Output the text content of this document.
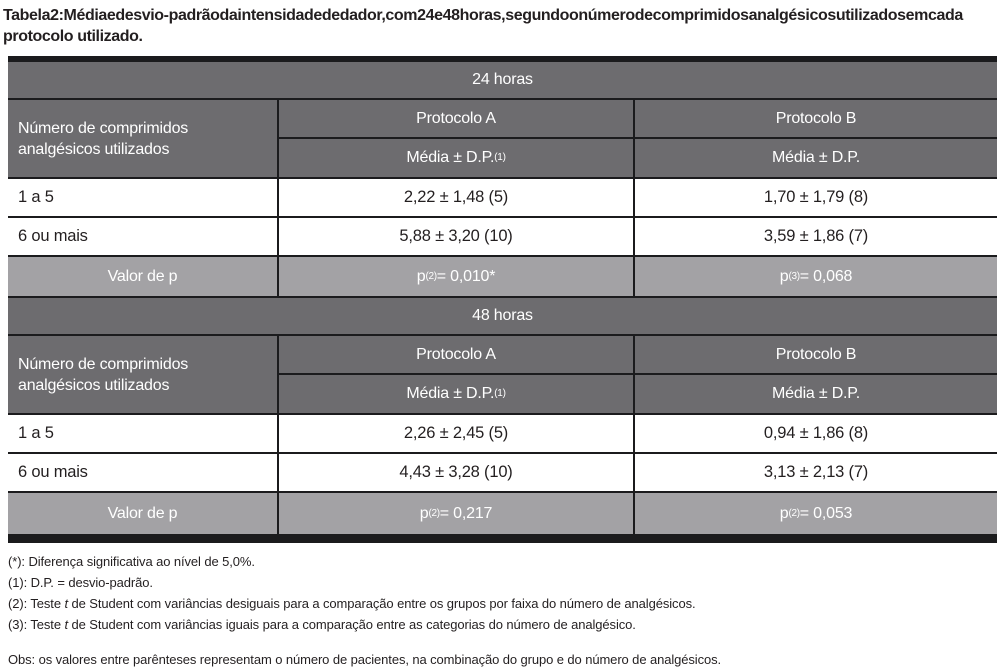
Tabela2:Médiaedesvio-padrãodaintensidadededador,com24e48horas,segundoonúmerodecomprimidosanalgésicosutilizadosemcada
protocolo utilizado.
24 horas
Número de comprimidos analgésicos utilizados
Protocolo A	Protocolo B
Média ± D.P. (1)	Média ± D.P.
1 a 5	2,22 ± 1,48 (5)	1,70 ± 1,79 (8)
6 ou mais	5,88 ± 3,20 (10)	3,59 ± 1,86 (7)
Valor de p	p (2) = 0,010*	p (3) = 0,068
48 horas
Número de comprimidos analgésicos utilizados
Protocolo A	Protocolo B
Média ± D.P. (1)	Média ± D.P.
1 a 5	2,26 ± 2,45 (5)	0,94 ± 1,86 (8)
6 ou mais	4,43 ± 3,28 (10)	3,13 ± 2,13 (7)
Valor de p	p (2) = 0,217	p (2) = 0,053
(*): Diferença significativa ao nível de 5,0%.
(1): D.P. = desvio-padrão.
(2): Teste t de Student com variâncias desiguais para a comparação entre os grupos por faixa do número de analgésicos.
(3): Teste t de Student com variâncias iguais para a comparação entre as categorias do número de analgésico.
Obs: os valores entre parênteses representam o número de pacientes, na combinação do grupo e do número de analgésicos.
